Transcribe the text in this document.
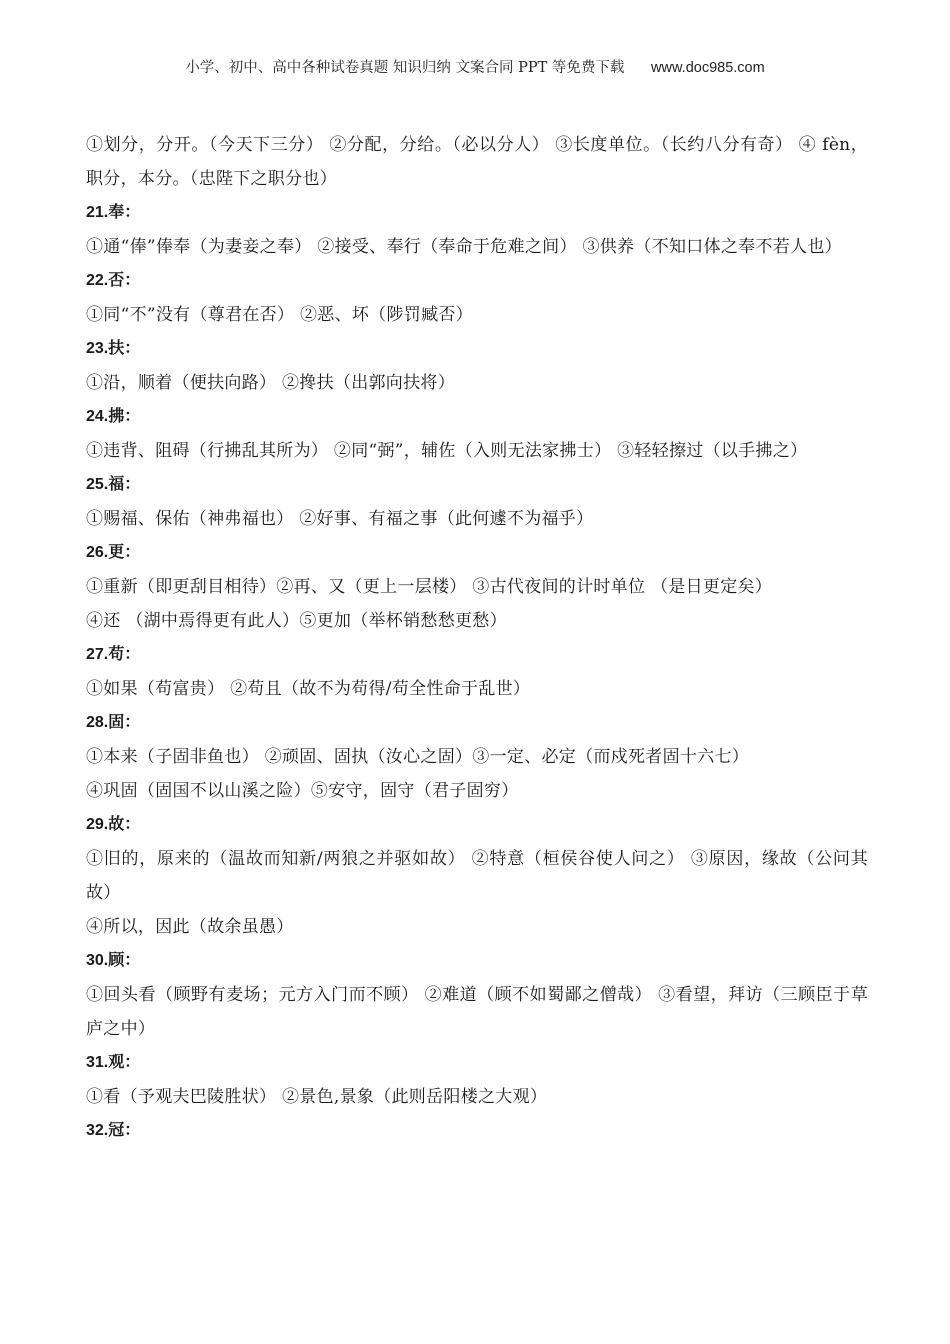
小学、初中、高中各种试卷真题 知识归纳 文案合同 PPT 等免费下载 www.doc985.com

①划分，分开。（今天下三分） ②分配，分给。（必以分人） ③长度单位。（长约八分有奇） ④ fèn，职分，本分。（忠陛下之职分也）

21.奉：

①通“俸”俸奉（为妻妾之奉） ②接受、奉行（奉命于危难之间） ③供养（不知口体之奉不若人也）

22.否：

①同“不”没有（尊君在否） ②恶、坏（陟罚臧否）

23.扶：

①沿，顺着（便扶向路） ②搀扶（出郭向扶将）

24.拂：

①违背、阻碍（行拂乱其所为） ②同“弼”，辅佐（入则无法家拂士） ③轻轻擦过（以手拂之）

25.福：

①赐福、保佑（神弗福也） ②好事、有福之事（此何遽不为福乎）

26.更：

①重新（即更刮目相待）②再、又（更上一层楼） ③古代夜间的计时单位 （是日更定矣）

④还 （湖中焉得更有此人）⑤更加（举杯销愁愁更愁）

27.苟：

①如果（苟富贵） ②苟且（故不为苟得/苟全性命于乱世）

28.固：

①本来（子固非鱼也） ②顽固、固执（汝心之固）③一定、必定（而戍死者固十六七）

④巩固（固国不以山溪之险）⑤安守，固守（君子固穷）

29.故：

①旧的，原来的（温故而知新/两狼之并驱如故） ②特意（桓侯谷使人问之） ③原因，缘故（公问其故）

④所以，因此（故余虽愚）

30.顾：

①回头看（顾野有麦场；元方入门而不顾） ②难道（顾不如蜀鄙之僧哉） ③看望，拜访（三顾臣于草庐之中）

31.观：

①看（予观夫巴陵胜状） ②景色,景象（此则岳阳楼之大观）

32.冠：
